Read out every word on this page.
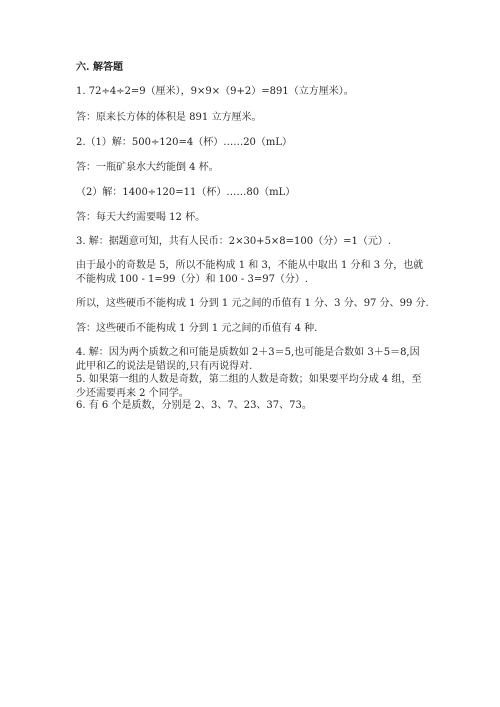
六. 解答题
1. 72÷4÷2=9（厘米），9×9×（9+2）=891（立方厘米）。
答：原来长方体的体积是 891 立方厘米。
2.（1）解：500÷120=4（杯）……20（mL）
答：一瓶矿泉水大约能倒 4 杯。
（2）解：1400÷120=11（杯）……80（mL）
答：每天大约需要喝 12 杯。
3. 解：据题意可知，共有人民币：2×30+5×8=100（分）=1（元）.
由于最小的奇数是 5，所以不能构成 1 和 3，不能从中取出 1 分和 3 分，也就不能构成 100 - 1=99（分）和 100 - 3=97（分）.
所以，这些硬币不能构成 1 分到 1 元之间的币值有 1 分、3 分、97 分、99 分.
答：这些硬币不能构成 1 分到 1 元之间的币值有 4 种.
4. 解：因为两个质数之和可能是质数如 2＋3＝5,也可能是合数如 3＋5＝8,因此甲和乙的说法是错误的,只有丙说得对.
5. 如果第一组的人数是奇数，第二组的人数是奇数；如果要平均分成 4 组，至少还需要再来 2 个同学。
6. 有 6 个是质数，分别是 2、3、7、23、37、73。
